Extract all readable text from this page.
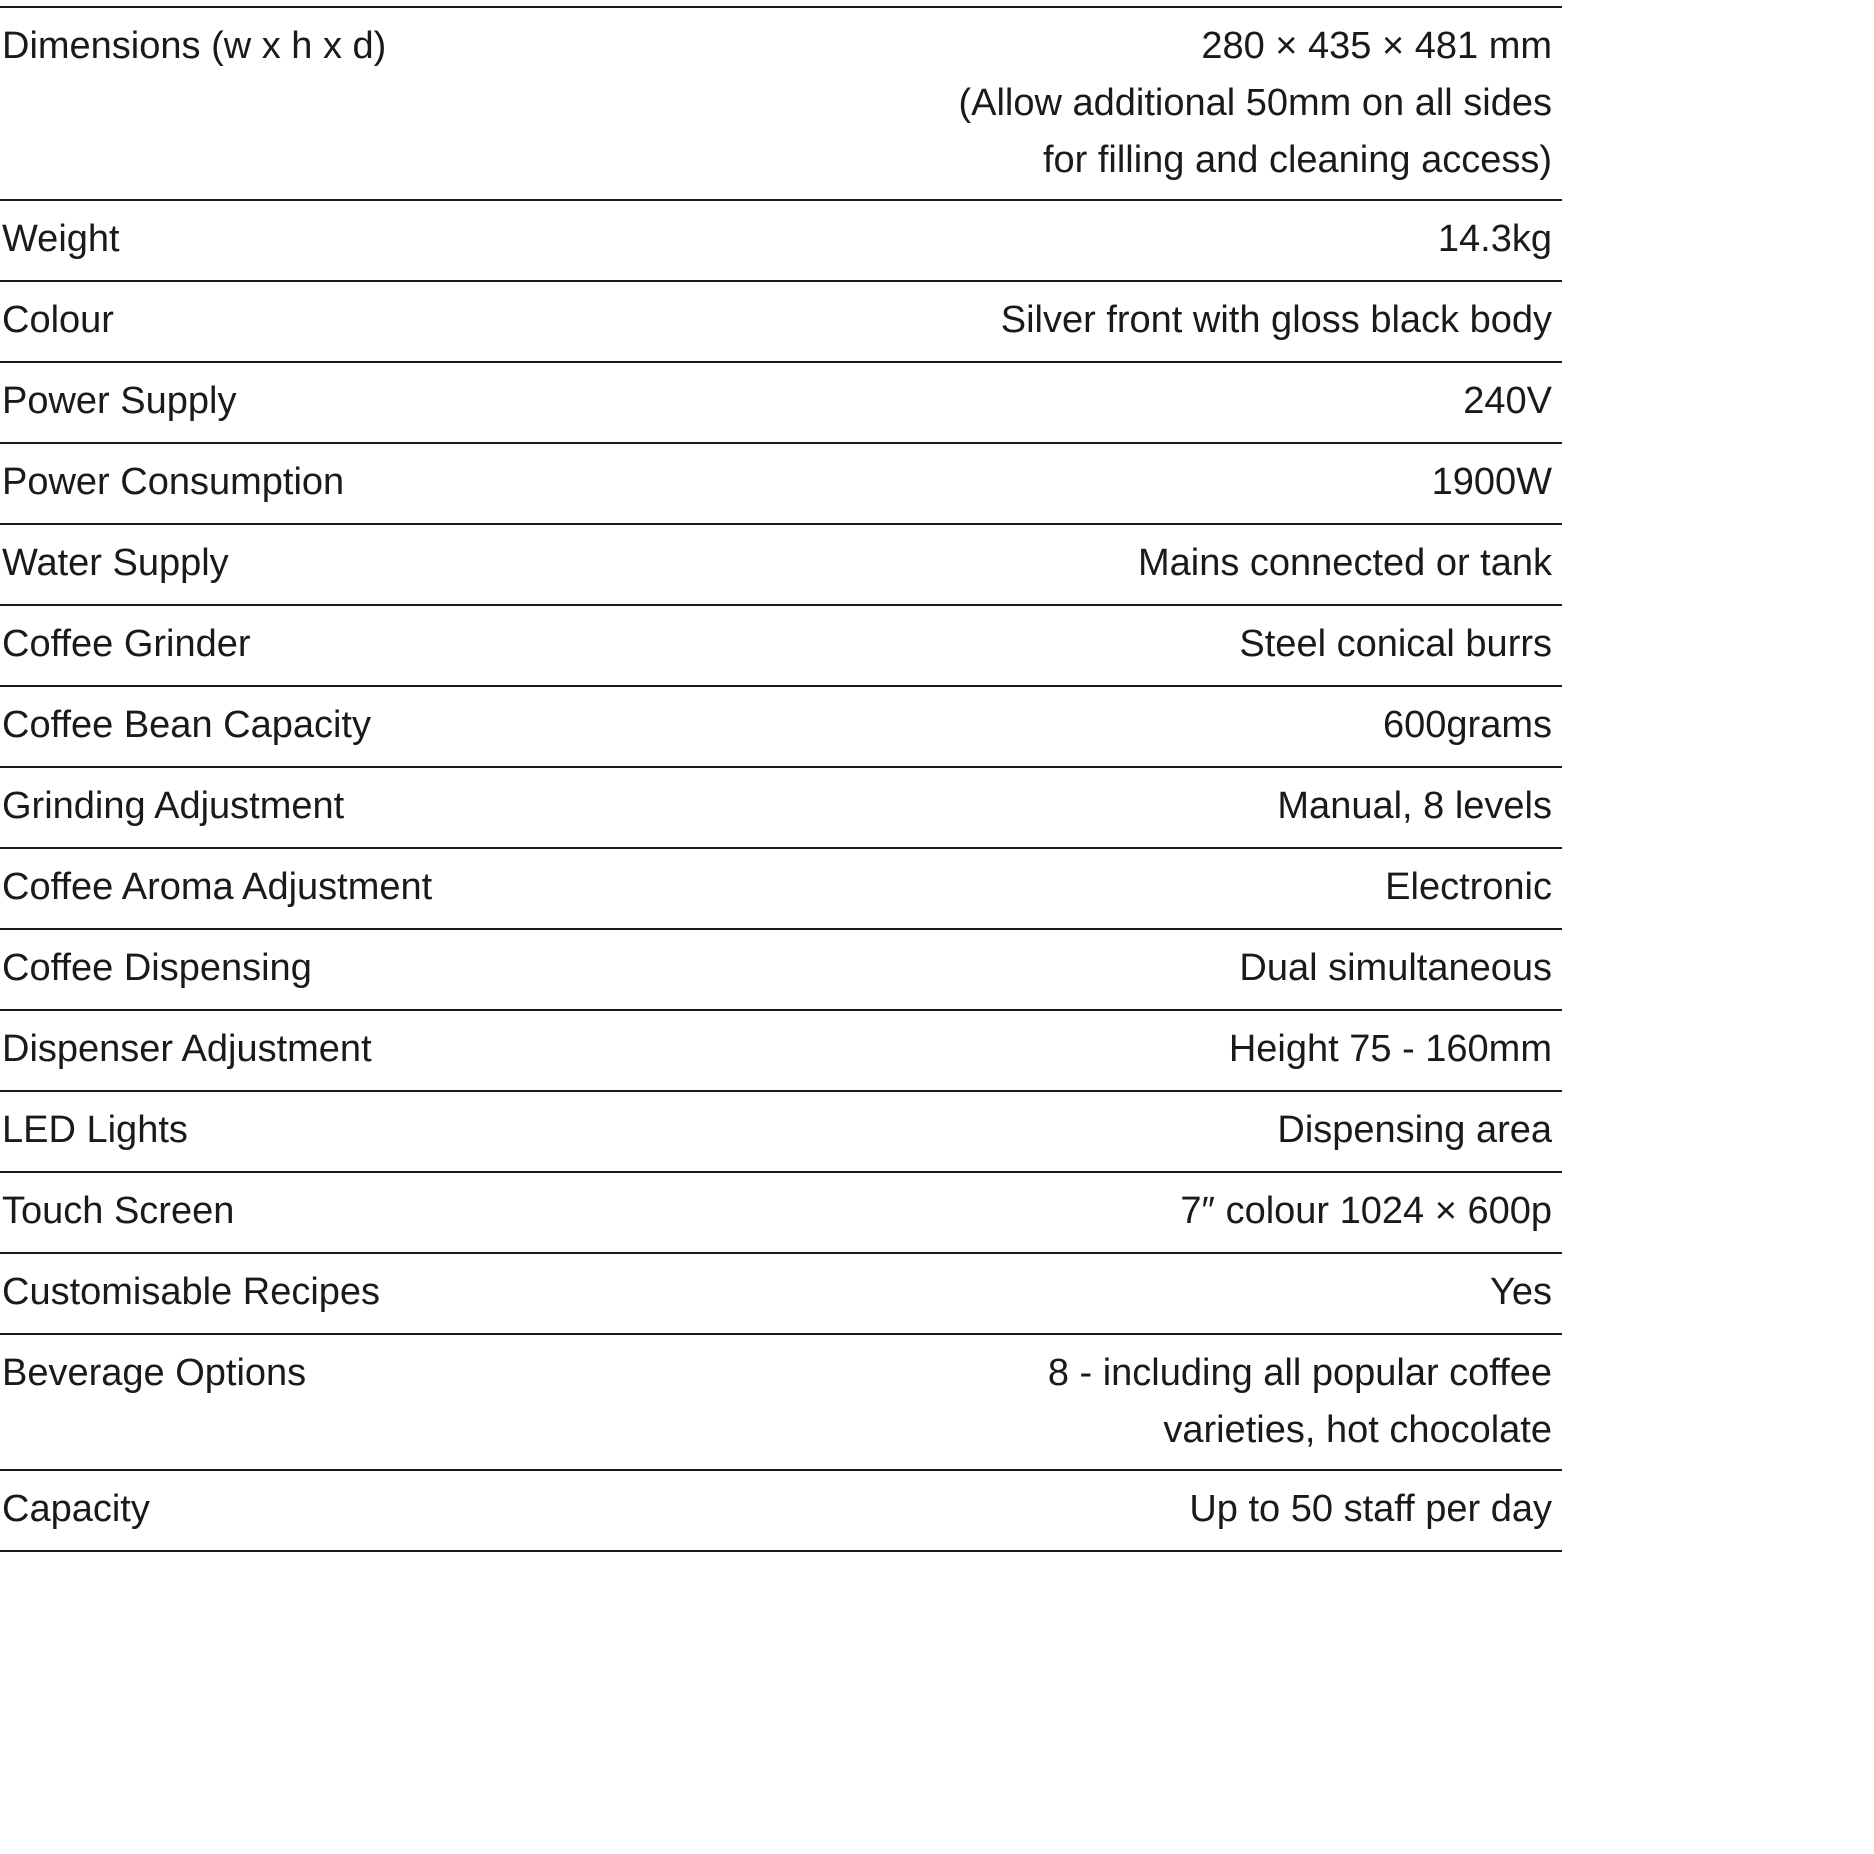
Dimensions (w x h x d)	280 × 435 × 481 mm
(Allow additional 50mm on all sides
for filling and cleaning access)
Weight	14.3kg
Colour	Silver front with gloss black body
Power Supply	240V
Power Consumption	1900W
Water Supply	Mains connected or tank
Coffee Grinder	Steel conical burrs
Coffee Bean Capacity	600grams
Grinding Adjustment	Manual, 8 levels
Coffee Aroma Adjustment	Electronic
Coffee Dispensing	Dual simultaneous
Dispenser Adjustment	Height 75 - 160mm
LED Lights	Dispensing area
Touch Screen	7″ colour 1024 × 600p
Customisable Recipes	Yes
Beverage Options	8 - including all popular coffee
varieties, hot chocolate
Capacity	Up to 50 staff per day
